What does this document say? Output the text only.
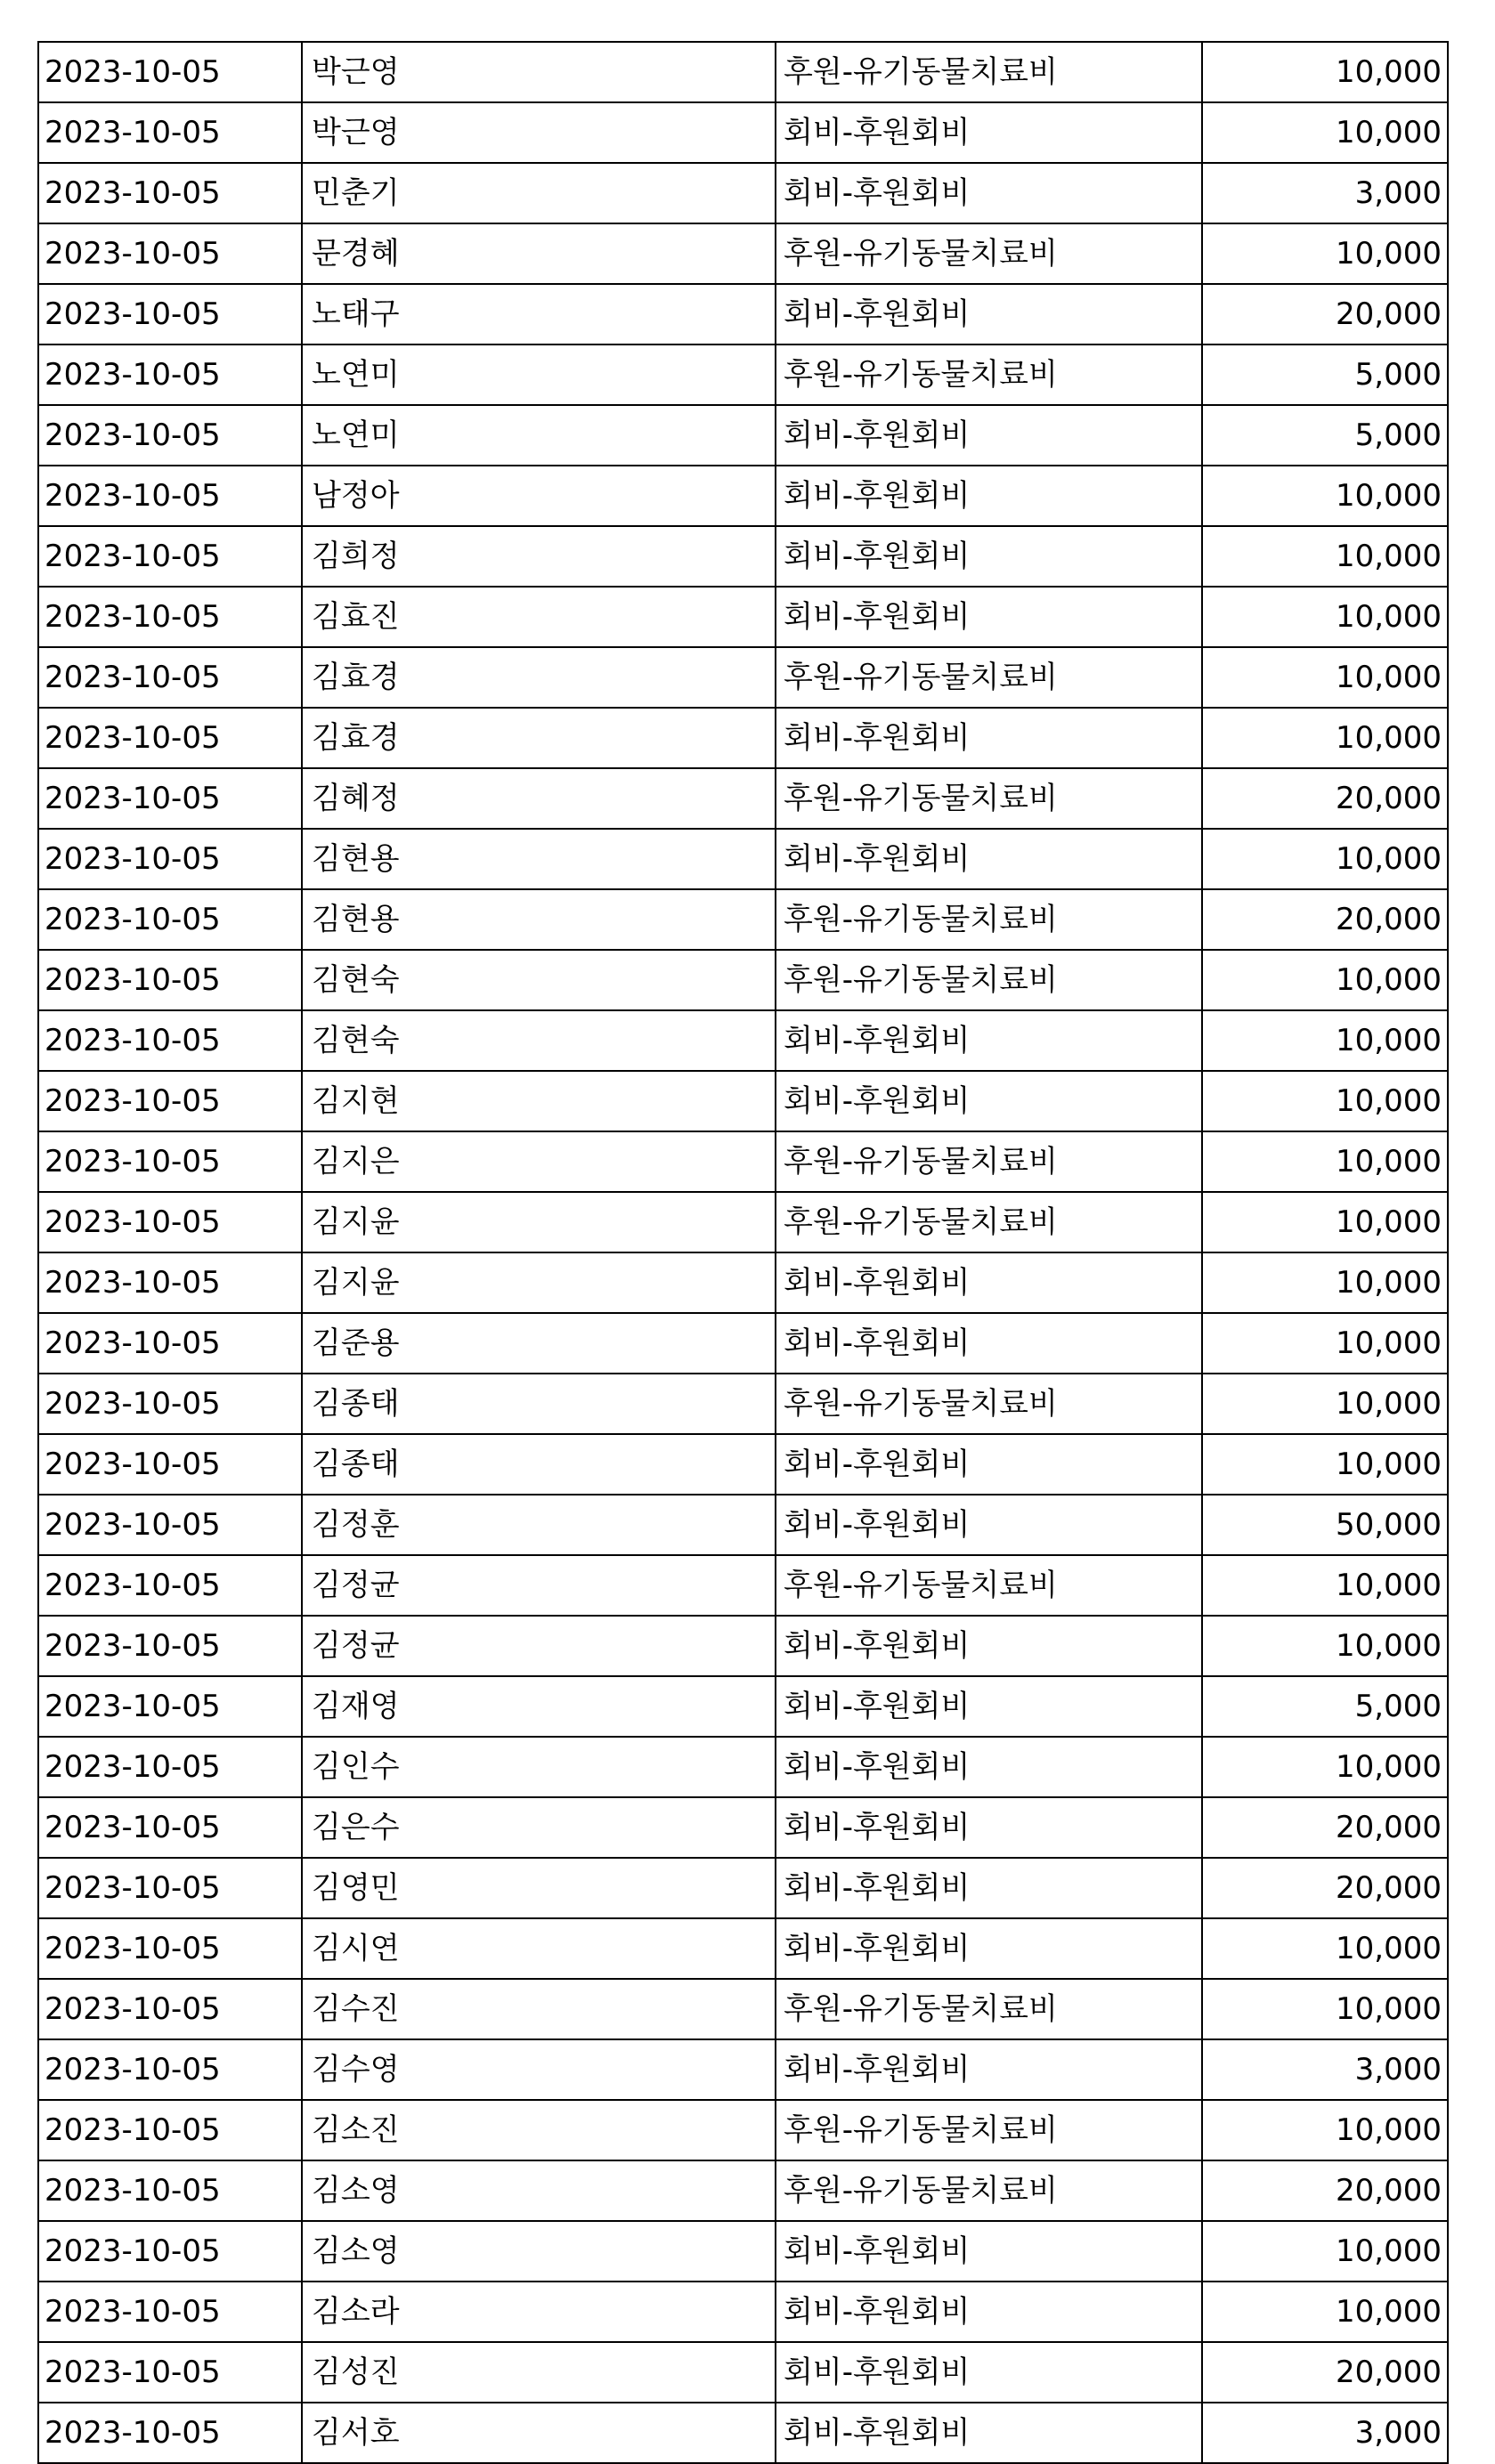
2023-10-05	박근영	후원-유기동물치료비	10,000
2023-10-05	박근영	회비-후원회비	10,000
2023-10-05	민춘기	회비-후원회비	3,000
2023-10-05	문경혜	후원-유기동물치료비	10,000
2023-10-05	노태구	회비-후원회비	20,000
2023-10-05	노연미	후원-유기동물치료비	5,000
2023-10-05	노연미	회비-후원회비	5,000
2023-10-05	남정아	회비-후원회비	10,000
2023-10-05	김희정	회비-후원회비	10,000
2023-10-05	김효진	회비-후원회비	10,000
2023-10-05	김효경	후원-유기동물치료비	10,000
2023-10-05	김효경	회비-후원회비	10,000
2023-10-05	김혜정	후원-유기동물치료비	20,000
2023-10-05	김현용	회비-후원회비	10,000
2023-10-05	김현용	후원-유기동물치료비	20,000
2023-10-05	김현숙	후원-유기동물치료비	10,000
2023-10-05	김현숙	회비-후원회비	10,000
2023-10-05	김지현	회비-후원회비	10,000
2023-10-05	김지은	후원-유기동물치료비	10,000
2023-10-05	김지윤	후원-유기동물치료비	10,000
2023-10-05	김지윤	회비-후원회비	10,000
2023-10-05	김준용	회비-후원회비	10,000
2023-10-05	김종태	후원-유기동물치료비	10,000
2023-10-05	김종태	회비-후원회비	10,000
2023-10-05	김정훈	회비-후원회비	50,000
2023-10-05	김정균	후원-유기동물치료비	10,000
2023-10-05	김정균	회비-후원회비	10,000
2023-10-05	김재영	회비-후원회비	5,000
2023-10-05	김인수	회비-후원회비	10,000
2023-10-05	김은수	회비-후원회비	20,000
2023-10-05	김영민	회비-후원회비	20,000
2023-10-05	김시연	회비-후원회비	10,000
2023-10-05	김수진	후원-유기동물치료비	10,000
2023-10-05	김수영	회비-후원회비	3,000
2023-10-05	김소진	후원-유기동물치료비	10,000
2023-10-05	김소영	후원-유기동물치료비	20,000
2023-10-05	김소영	회비-후원회비	10,000
2023-10-05	김소라	회비-후원회비	10,000
2023-10-05	김성진	회비-후원회비	20,000
2023-10-05	김서호	회비-후원회비	3,000
